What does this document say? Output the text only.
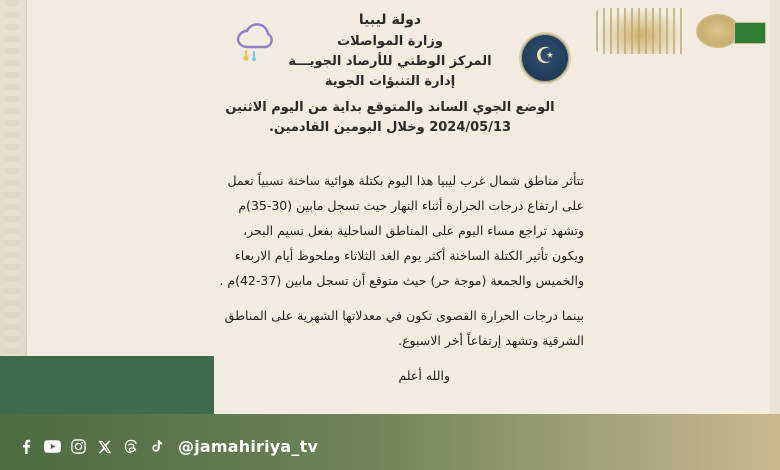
☪
دولة ليبيا
وزارة المواصلات
المركز الوطني للأرصاد الجويـــة
إدارة التنبؤات الجوية
الوضع الجوي الساند والمتوقع بداية من اليوم الاثنين
2024/05/13 وخلال اليومين القادمين.

تتأثر مناطق شمال غرب ليبيا هذا اليوم بكتلة هوائية ساخنة نسبياً تعمل على ارتفاع درجات الحرارة أثناء النهار حيث تسجل مابين (30-35)م وتشهد تراجع مساء اليوم على المناطق الساحلية بفعل نسيم البحر، ويكون تأثير الكتلة الساخنة أكثر يوم الغد الثلاثاء وملحوظ أيام الاربعاء والخميس والجمعة (موجة حر) حيث متوقع أن تسجل مابين (37-42)م .

بينما درجات الحرارة القصوى تكون في معدلاتها الشهرية على المناطق الشرقية وتشهد إرتفاعاً أخر الاسبوع.

والله أعلم
@jamahiriya_tv
